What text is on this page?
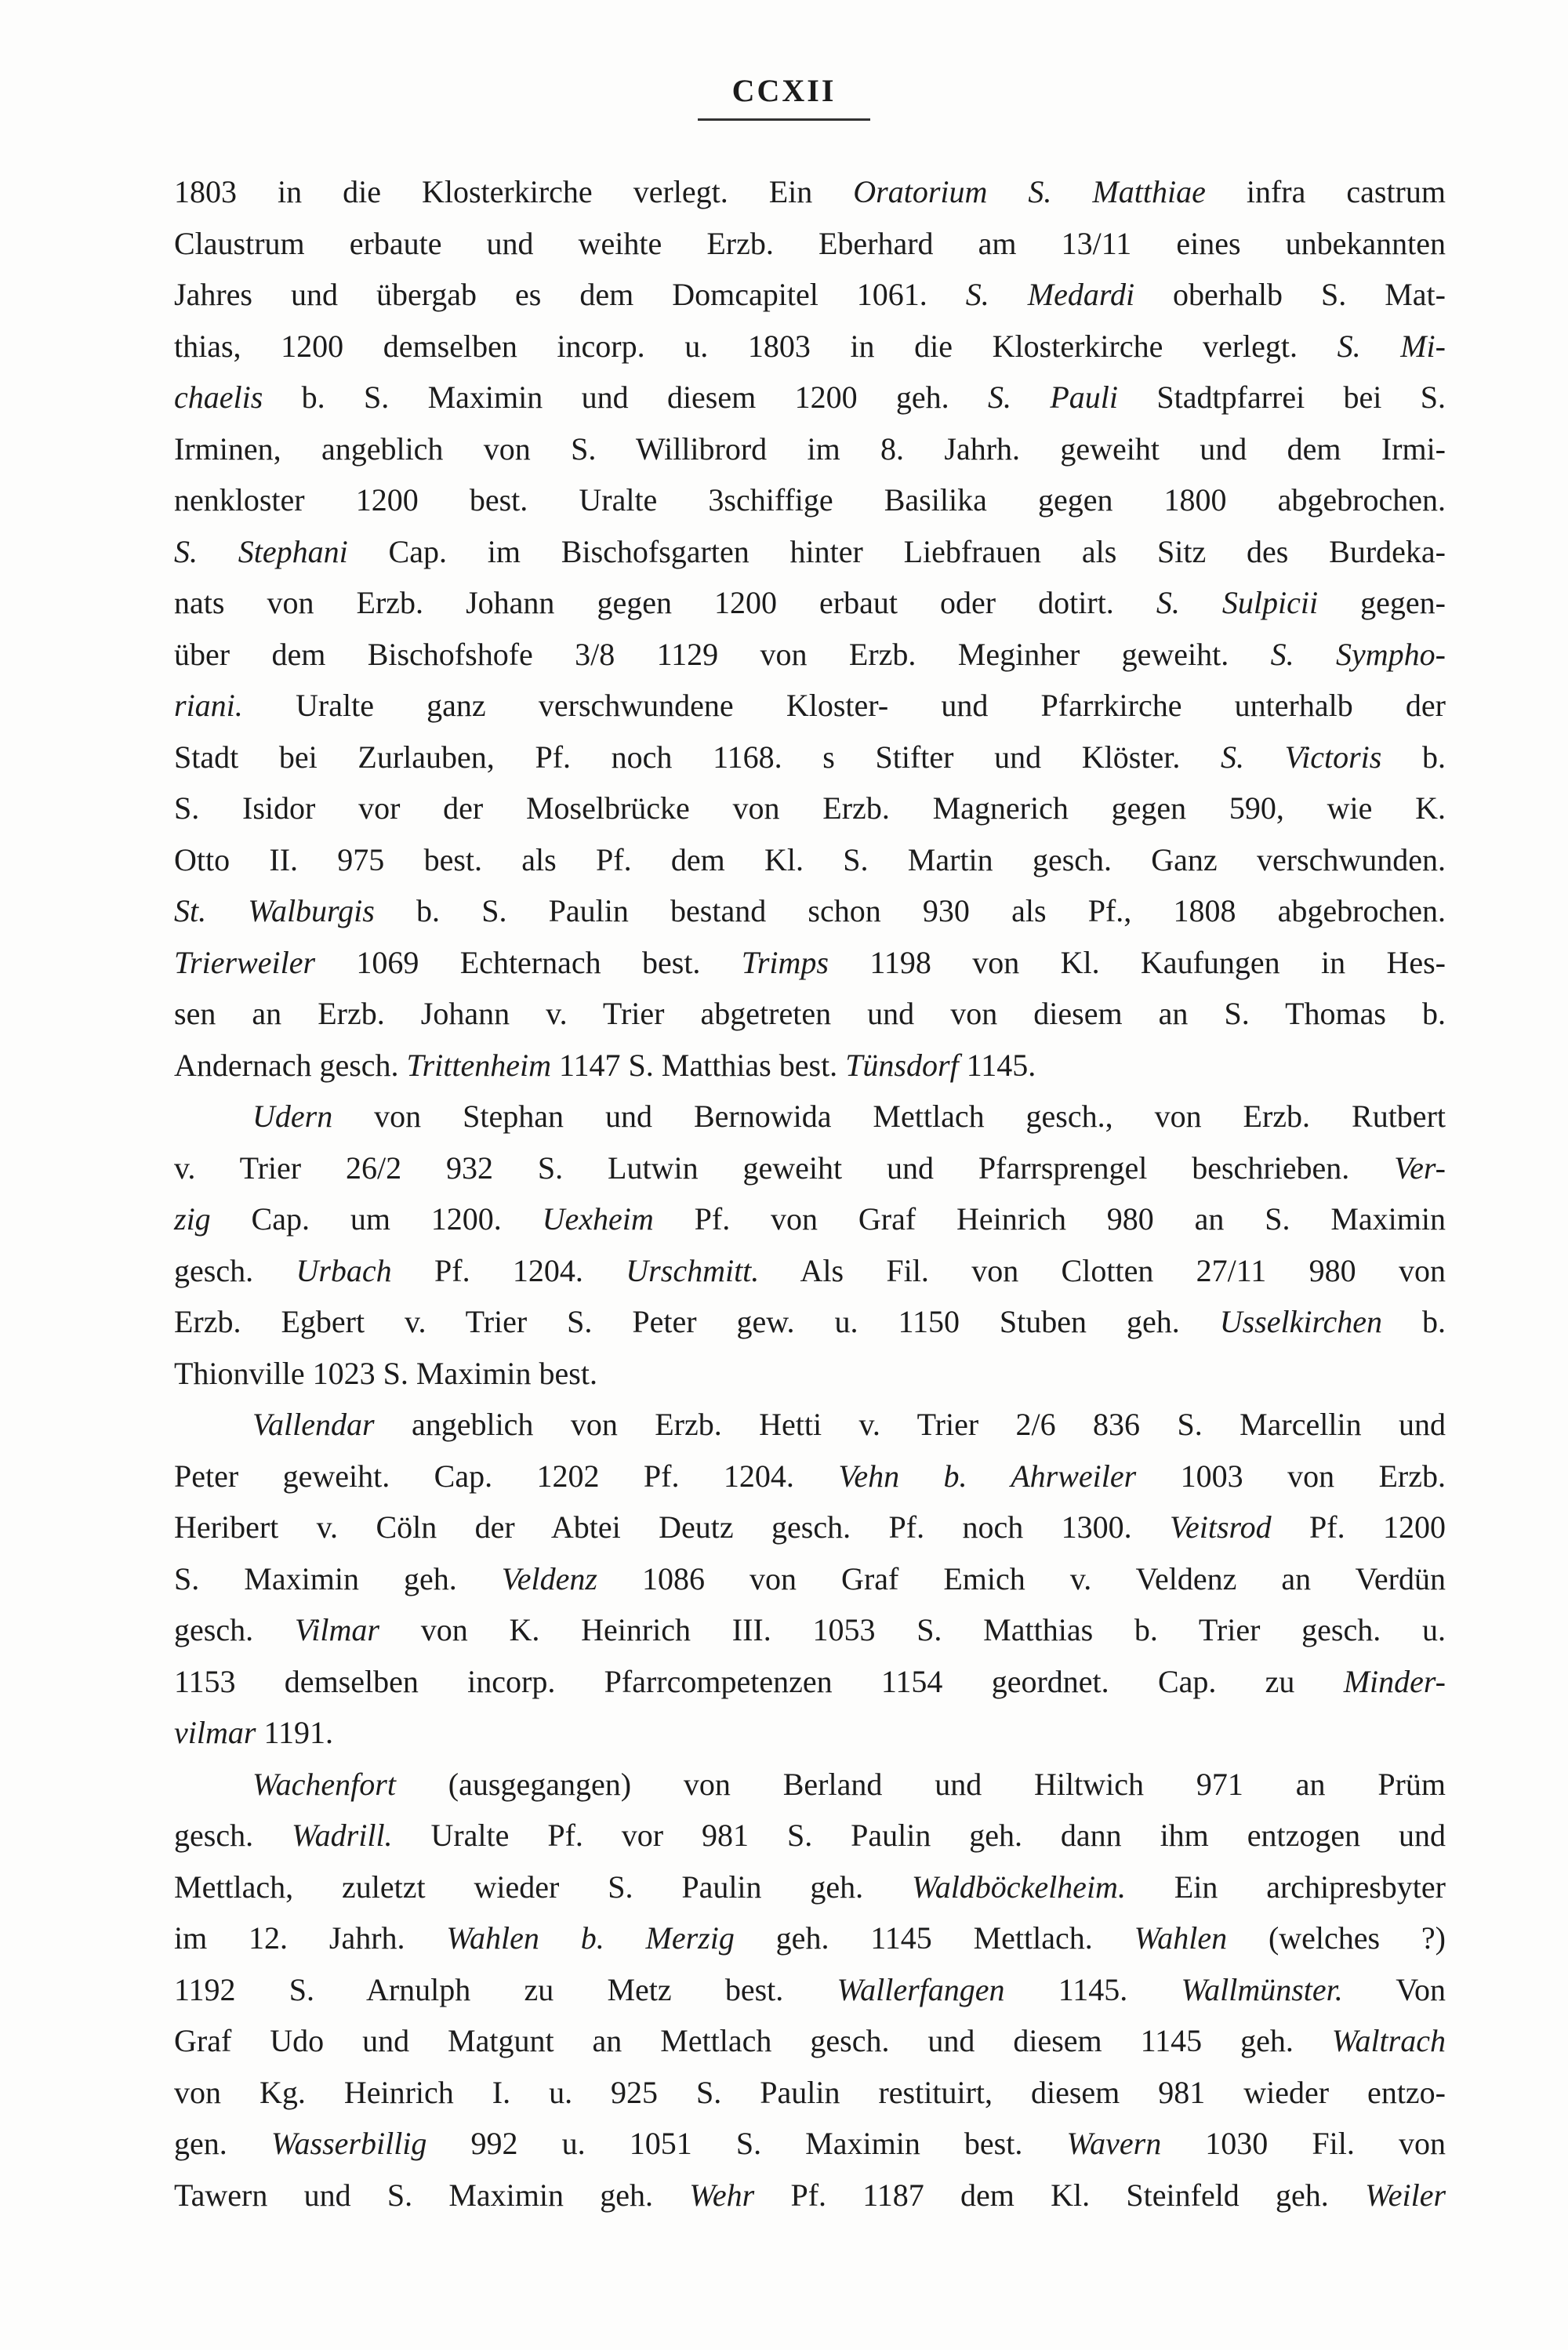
CCXII
1803 in die Klosterkirche verlegt. Ein Oratorium S. Matthiae infra castrum
Claustrum erbaute und weihte Erzb. Eberhard am 13/11 eines unbekannten
Jahres und übergab es dem Domcapitel 1061. S. Medardi oberhalb S. Mat-
thias, 1200 demselben incorp. u. 1803 in die Klosterkirche verlegt. S. Mi-
chaelis b. S. Maximin und diesem 1200 geh. S. Pauli Stadtpfarrei bei S.
Irminen, angeblich von S. Willibrord im 8. Jahrh. geweiht und dem Irmi-
nenkloster 1200 best. Uralte 3schiffige Basilika gegen 1800 abgebrochen.
S. Stephani Cap. im Bischofsgarten hinter Liebfrauen als Sitz des Burdeka-
nats von Erzb. Johann gegen 1200 erbaut oder dotirt. S. Sulpicii gegen-
über dem Bischofshofe 3/8 1129 von Erzb. Meginher geweiht. S. Sympho-
riani. Uralte ganz verschwundene Kloster- und Pfarrkirche unterhalb der
Stadt bei Zurlauben, Pf. noch 1168. s Stifter und Klöster. S. Victoris b.
S. Isidor vor der Moselbrücke von Erzb. Magnerich gegen 590, wie K.
Otto II. 975 best. als Pf. dem Kl. S. Martin gesch. Ganz verschwunden.
St. Walburgis b. S. Paulin bestand schon 930 als Pf., 1808 abgebrochen.
Trierweiler 1069 Echternach best. Trimps 1198 von Kl. Kaufungen in Hes-
sen an Erzb. Johann v. Trier abgetreten und von diesem an S. Thomas b.
Andernach gesch. Trittenheim 1147 S. Matthias best. Tünsdorf 1145.
Udern von Stephan und Bernowida Mettlach gesch., von Erzb. Rutbert
v. Trier 26/2 932 S. Lutwin geweiht und Pfarrsprengel beschrieben. Ver-
zig Cap. um 1200. Uexheim Pf. von Graf Heinrich 980 an S. Maximin
gesch. Urbach Pf. 1204. Urschmitt. Als Fil. von Clotten 27/11 980 von
Erzb. Egbert v. Trier S. Peter gew. u. 1150 Stuben geh. Usselkirchen b.
Thionville 1023 S. Maximin best.
Vallendar angeblich von Erzb. Hetti v. Trier 2/6 836 S. Marcellin und
Peter geweiht. Cap. 1202 Pf. 1204. Vehn b. Ahrweiler 1003 von Erzb.
Heribert v. Cöln der Abtei Deutz gesch. Pf. noch 1300. Veitsrod Pf. 1200
S. Maximin geh. Veldenz 1086 von Graf Emich v. Veldenz an Verdün
gesch. Vilmar von K. Heinrich III. 1053 S. Matthias b. Trier gesch. u.
1153 demselben incorp. Pfarrcompetenzen 1154 geordnet. Cap. zu Minder-
vilmar 1191.
Wachenfort (ausgegangen) von Berland und Hiltwich 971 an Prüm
gesch. Wadrill. Uralte Pf. vor 981 S. Paulin geh. dann ihm entzogen und
Mettlach, zuletzt wieder S. Paulin geh. Waldböckelheim. Ein archipresbyter
im 12. Jahrh. Wahlen b. Merzig geh. 1145 Mettlach. Wahlen (welches ?)
1192 S. Arnulph zu Metz best. Wallerfangen 1145. Wallmünster. Von
Graf Udo und Matgunt an Mettlach gesch. und diesem 1145 geh. Waltrach
von Kg. Heinrich I. u. 925 S. Paulin restituirt, diesem 981 wieder entzo-
gen. Wasserbillig 992 u. 1051 S. Maximin best. Wavern 1030 Fil. von
Tawern und S. Maximin geh. Wehr Pf. 1187 dem Kl. Steinfeld geh. Weiler
